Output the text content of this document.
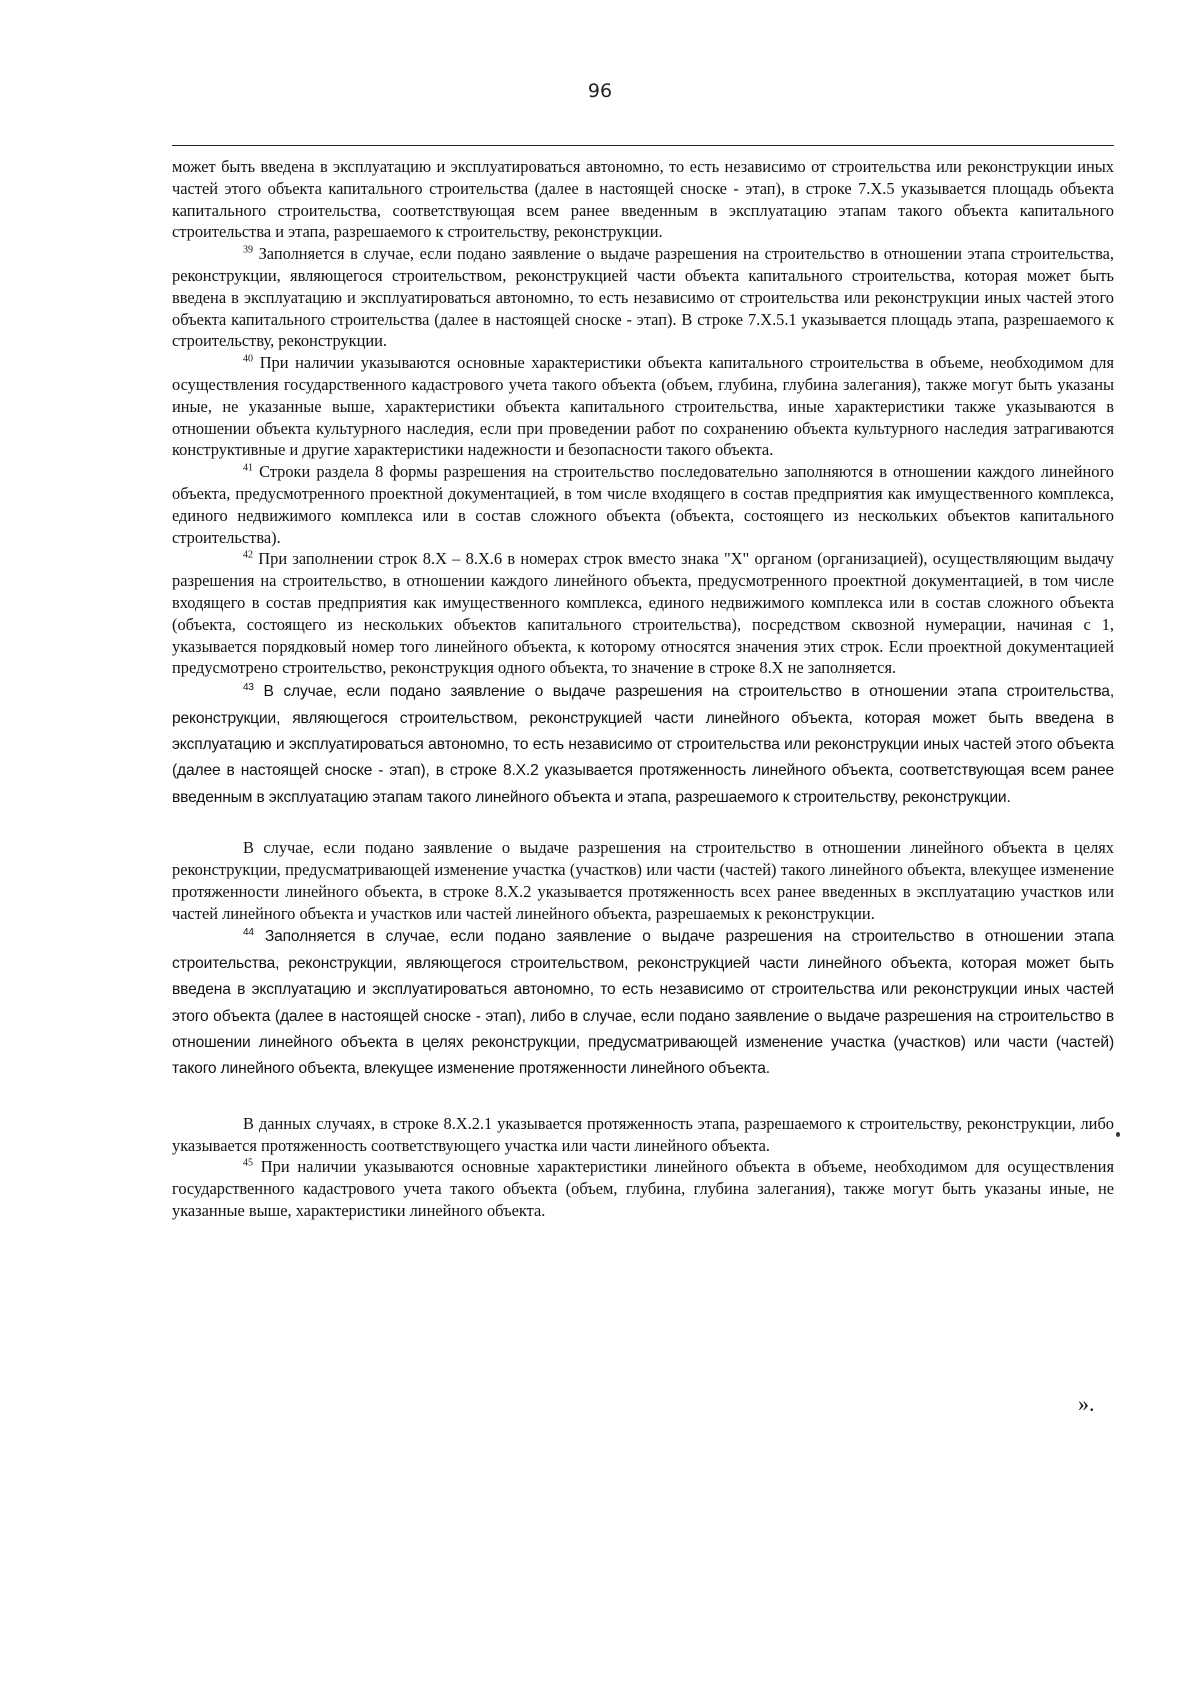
96

может быть введена в эксплуатацию и эксплуатироваться автономно, то есть независимо от строительства или реконструкции иных частей этого объекта капитального строительства (далее в настоящей сноске - этап), в строке 7.X.5 указывается площадь объекта капитального строительства, соответствующая всем ранее введенным в эксплуатацию этапам такого объекта капитального строительства и этапа, разрешаемого к строительству, реконструкции.

$^{39}$ Заполняется в случае, если подано заявление о выдаче разрешения на строительство в отношении этапа строительства, реконструкции, являющегося строительством, реконструкцией части объекта капитального строительства, которая может быть введена в эксплуатацию и эксплуатироваться автономно, то есть независимо от строительства или реконструкции иных частей этого объекта капитального строительства (далее в настоящей сноске - этап). В строке 7.X.5.1 указывается площадь этапа, разрешаемого к строительству, реконструкции.

$^{40}$ При наличии указываются основные характеристики объекта капитального строительства в объеме, необходимом для осуществления государственного кадастрового учета такого объекта (объем, глубина, глубина залегания), также могут быть указаны иные, не указанные выше, характеристики объекта капитального строительства, иные характеристики также указываются в отношении объекта культурного наследия, если при проведении работ по сохранению объекта культурного наследия затрагиваются конструктивные и другие характеристики надежности и безопасности такого объекта.

$^{41}$ Строки раздела 8 формы разрешения на строительство последовательно заполняются в отношении каждого линейного объекта, предусмотренного проектной документацией, в том числе входящего в состав предприятия как имущественного комплекса, единого недвижимого комплекса или в состав сложного объекта (объекта, состоящего из нескольких объектов капитального строительства).

$^{42}$ При заполнении строк 8.X – 8.X.6 в номерах строк вместо знака "X" органом (организацией), осуществляющим выдачу разрешения на строительство, в отношении каждого линейного объекта, предусмотренного проектной документацией, в том числе входящего в состав предприятия как имущественного комплекса, единого недвижимого комплекса или в состав сложного объекта (объекта, состоящего из нескольких объектов капитального строительства), посредством сквозной нумерации, начиная с 1, указывается порядковый номер того линейного объекта, к которому относятся значения этих строк. Если проектной документацией предусмотрено строительство, реконструкция одного объекта, то значение в строке 8.X не заполняется.

$^{43}$ В случае, если подано заявление о выдаче разрешения на строительство в отношении этапа строительства, реконструкции, являющегося строительством, реконструкцией части линейного объекта, которая может быть введена в эксплуатацию и эксплуатироваться автономно, то есть независимо от строительства или реконструкции иных частей этого объекта (далее в настоящей сноске - этап), в строке 8.X.2 указывается протяженность линейного объекта, соответствующая всем ранее введенным в эксплуатацию этапам такого линейного объекта и этапа, разрешаемого к строительству, реконструкции.

В случае, если подано заявление о выдаче разрешения на строительство в отношении линейного объекта в целях реконструкции, предусматривающей изменение участка (участков) или части (частей) такого линейного объекта, влекущее изменение протяженности линейного объекта, в строке 8.X.2 указывается протяженность всех ранее введенных в эксплуатацию участков или частей линейного объекта и участков или частей линейного объекта, разрешаемых к реконструкции.

$^{44}$ Заполняется в случае, если подано заявление о выдаче разрешения на строительство в отношении этапа строительства, реконструкции, являющегося строительством, реконструкцией части линейного объекта, которая может быть введена в эксплуатацию и эксплуатироваться автономно, то есть независимо от строительства или реконструкции иных частей этого объекта (далее в настоящей сноске - этап), либо в случае, если подано заявление о выдаче разрешения на строительство в отношении линейного объекта в целях реконструкции, предусматривающей изменение участка (участков) или части (частей) такого линейного объекта, влекущее изменение протяженности линейного объекта.

В данных случаях, в строке 8.X.2.1 указывается протяженность этапа, разрешаемого к строительству, реконструкции, либо указывается протяженность соответствующего участка или части линейного объекта.

$^{45}$ При наличии указываются основные характеристики линейного объекта в объеме, необходимом для осуществления государственного кадастрового учета такого объекта (объем, глубина, глубина залегания), также могут быть указаны иные, не указанные выше, характеристики линейного объекта.

».
